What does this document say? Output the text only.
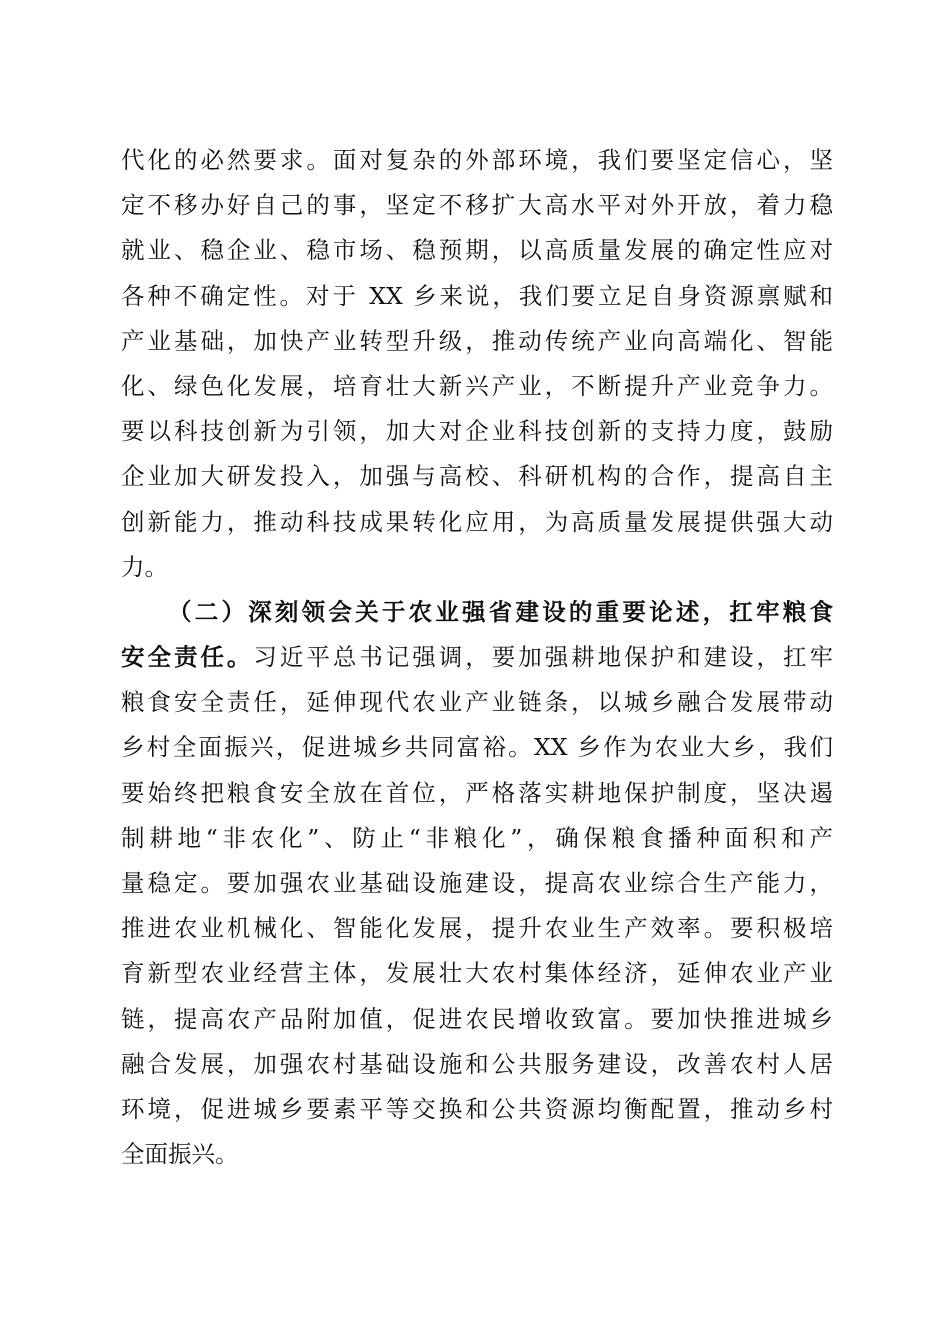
代化的必然要求。面对复杂的外部环境，我们要坚定信心，坚
定不移办好自己的事，坚定不移扩大高水平对外开放，着力稳
就业、稳企业、稳市场、稳预期，以高质量发展的确定性应对
各种不确定性。对于 XX 乡来说，我们要立足自身资源禀赋和
产业基础，加快产业转型升级，推动传统产业向高端化、智能
化、绿色化发展，培育壮大新兴产业，不断提升产业竞争力。
要以科技创新为引领，加大对企业科技创新的支持力度，鼓励
企业加大研发投入，加强与高校、科研机构的合作，提高自主
创新能力，推动科技成果转化应用，为高质量发展提供强大动
力。
（二）深刻领会关于农业强省建设的重要论述，扛牢粮食
安全责任。习近平总书记强调，要加强耕地保护和建设，扛牢
粮食安全责任，延伸现代农业产业链条，以城乡融合发展带动
乡村全面振兴，促进城乡共同富裕。XX 乡作为农业大乡，我们
要始终把粮食安全放在首位，严格落实耕地保护制度，坚决遏
制耕地“非农化”、防止“非粮化”，确保粮食播种面积和产
量稳定。要加强农业基础设施建设，提高农业综合生产能力，
推进农业机械化、智能化发展，提升农业生产效率。要积极培
育新型农业经营主体，发展壮大农村集体经济，延伸农业产业
链，提高农产品附加值，促进农民增收致富。要加快推进城乡
融合发展，加强农村基础设施和公共服务建设，改善农村人居
环境，促进城乡要素平等交换和公共资源均衡配置，推动乡村
全面振兴。
